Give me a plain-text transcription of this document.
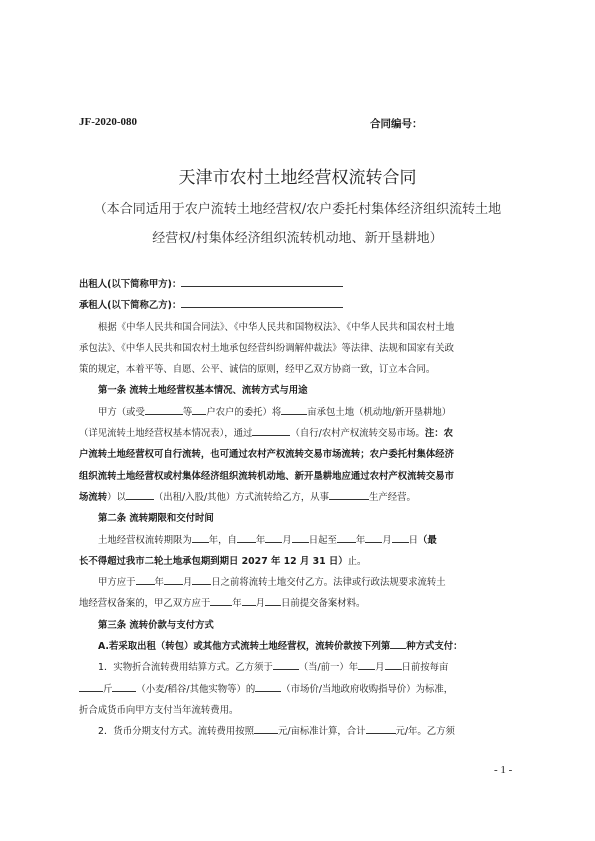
JF-2020-080	合同编号：
天津市农村土地经营权流转合同
（本合同适用于农户流转土地经营权/农户委托村集体经济组织流转土地
经营权/村集体经济组织流转机动地、新开垦耕地）
出租人(以下简称甲方)：
承租人(以下简称乙方)：
根据《中华人民共和国合同法》、《中华人民共和国物权法》、《中华人民共和国农村土地
承包法》、《中华人民共和国农村土地承包经营纠纷调解仲裁法》等法律、法规和国家有关政
策的规定，本着平等、自愿、公平、诚信的原则，经甲乙双方协商一致，订立本合同。
第一条 流转土地经营权基本情况、流转方式与用途
甲方（或受	等 户农户的委托）将	亩承包土地（机动地/新开垦耕地）
（详见流转土地经营权基本情况表），通过	（自行/农村产权流转交易市场。注：农
户流转土地经营权可自行流转，也可通过农村产权流转交易市场流转；农户委托村集体经济
组织流转土地经营权或村集体经济组织流转机动地、新开垦耕地应通过农村产权流转交易市
场流转）以	（出租/入股/其他）方式流转给乙方，从事	生产经营。
第二条 流转期限和交付时间
土地经营权流转期限为 年，自 年 月 日起至 年 月 日（最
长不得超过我市二轮土地承包期到期日 2027 年 12 月 31 日）止。
甲方应于 年 月 日之前将流转土地交付乙方。法律或行政法规要求流转土
地经营权备案的，甲乙双方应于 年 月 日前提交备案材料。
第三条 流转价款与支付方式
A.若采取出租（转包）或其他方式流转土地经营权，流转价款按下列第 种方式支付：
1．实物折合流转费用结算方式。乙方须于	（当/前一）年 月 日前按每亩
斤	（小麦/稻谷/其他实物等）的	（市场价/当地政府收购指导价）为标准，
折合成货币向甲方支付当年流转费用。
2．货币分期支付方式。流转费用按照	元/亩标准计算，合计	元/年。乙方须
- 1 -
